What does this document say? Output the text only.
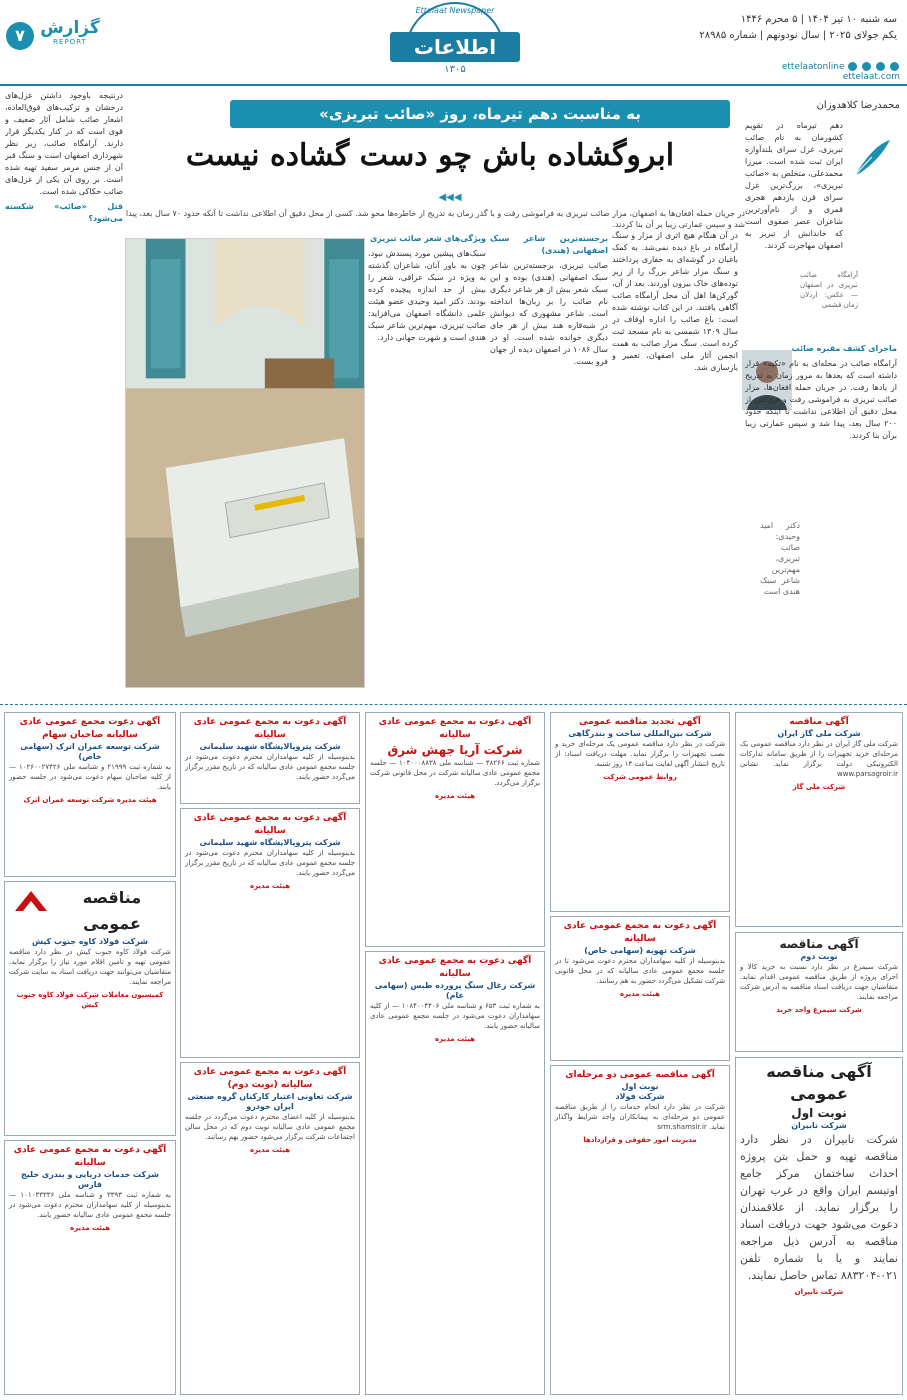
۷ گزارش
REPORT
Ettelaat Newspaper
اطلاعات
۱۳۰۵
سه شنبه ۱۰ تیر ۱۴۰۴ | ۵ محرم ۱۴۴۶
یکم جولای ۲۰۲۵ | سال نودونهم | شماره ۲۸۹۸۵
ettelaatonline  ettelaat.com
محمدرضا کلاهدوزان
به مناسبت دهم تیرماه، روز «صائب تبریزی»
ابروگشاده باش چو دست گشاده نیست
◀◀◀
در جریان حمله افغان‌ها به اصفهان، مزار صائب تبریزی به فراموشی رفت و با گذر زمان به تدریج از خاطره‌ها محو شد. کسی از محل دقیق آن اطلاعی نداشت تا آنکه حدود ۷۰ سال بعد، پیدا شد و سپس عمارتی زیبا بر آن بنا کردند.
دهم تیرماه در تقویم کشورمان به نام صائب تبریزی، غزل سرای بلندآوازه ایران ثبت شده است. میرزا محمدعلی، متخلص به «صائب تبریزی»، بزرگ‌ترین غزل سرای قرن یازدهم هجری قمری و از نام‌آورترین شاعران عصر صفوی است که خاندانش از تبریز به اصفهان مهاجرت کردند.
آرامگاه صائب تبریزی در اصفهان — عکس: اردلان زمان قشمی
ماجرای کشف مقبره صائب
آرامگاه صائب در محله‌ای به نام «تکیه» قرار داشته است که بعدها به مرور زمان به تدریج از یادها رفت. در جریان حمله افغان‌ها، مزار صائب تبریزی به فراموشی رفت و هیچ‌کس از محل دقیق آن اطلاعی نداشت تا اینکه حدود ۲۰۰ سال بعد، پیدا شد و سپس عمارتی زیبا برآن بنا کردند.
در آن هنگام هیچ اثری از مزار و سنگ آرامگاه در باغ دیده نمی‌شد. به کمک باغبان در گوشه‌ای به حفاری پرداختند و سنگ مزار شاعر بزرگ را از زیر توده‌های خاک بیرون آوردند. بعد از آن، گورکن‌ها اهل آن محل آرامگاه صائب آگاهی یافتند. در این کتاب نوشته شده است: باغ صائب را اداره اوقاف در سال ۱۳۰۹ شمسی به نام مسجد ثبت کرده است. سنگ مزار صائب به همت انجمن آثار ملی اصفهان، تعمیر و بازسازی شد.
برجسته‌ترین شاعر سبک اصفهانی (هندی)
صائب تبریزی، برجسته‌ترین شاعر سبک اصفهانی (هندی) بوده و این سبک شعر بیش از هر شاعر دیگری نام صائب را بر زبان‌ها انداخته است. شاعر مشهوری که دیوانش در شبه‌قاره هند بیش از هر جای دیگری خوانده شده است. او در سال ۱۰۸۶ در اصفهان دیده از جهان فرو بست.
ویژگی‌های شعر صائب تبریزی
سبک‌های پیشین مورد پسندش نبود، چون به باور آنان، شاعران گذشته به ویژه در سبک عراقی، شعر را بیش از حد اندازه پیچیده کرده بودند. دکتر امید وحیدی عضو هیئت علمی دانشگاه اصفهان می‌افزاید: صائب تبریزی، مهم‌ترین شاعر سبک هندی است و شهرت جهانی دارد.
درنتیجه باوجود داشتن غزل‌های درخشان و ترکیب‌های فوق‌العاده، اشعار صائب شامل آثار ضعیف و قوی است که در کنار یکدیگر قرار دارند. آرامگاه صائب، زیر نظر شهرداری اصفهان است و سنگ قبر آن از جنس مرمر سفید تهیه شده است. بر روی آن یکی از غزل‌های صائب حکاکی شده است.
قتل «صائب» شکسته می‌شود؟
دکتر امید وحیدی: صائب تبریزی، مهم‌ترین شاعر سبک هندی است
آگهی مناقصه
شرکت ملی گاز ایران
شرکت ملی گاز ایران در نظر دارد مناقصه عمومی یک مرحله‌ای خرید تجهیزات را از طریق سامانه تدارکات الکترونیکی دولت برگزار نماید. نشانی www.parsagroir.ir
شرکت ملی گاز
آگهی مناقصه
نوبت دوم
شرکت سیمرغ در نظر دارد نسبت به خرید کالا و اجرای پروژه از طریق مناقصه عمومی اقدام نماید. متقاضیان جهت دریافت اسناد مناقصه به آدرس شرکت مراجعه نمایند.
شرکت سیمرغ‌ واحد خرید
آگهی مناقصه عمومی
نوبت اول
شرکت تابیران
شرکت تابیران در نظر دارد مناقصه تهیه و حمل بتن پروژه احداث ساختمان مرکز جامع اوتیسم ایران واقع در غرب تهران را برگزار نماید. از علاقمندان دعوت می‌شود جهت دریافت اسناد مناقصه به آدرس ذیل مراجعه نمایند و یا با شماره تلفن ۰۲۱-۸۸۳۲۰۴ تماس حاصل نمایند.
شرکت تابیران
آگهی تجدید مناقصه عمومی
شرکت بین‌المللی ساخت و بندرگاهی
شرکت در نظر دارد مناقصه عمومی یک مرحله‌ای خرید و نصب تجهیزات را برگزار نماید. مهلت دریافت اسناد: از تاریخ انتشار آگهی لغایت ساعت ۱۴ روز شنبه.
روابط عمومی شرکت
آگهی دعوت به مجمع عمومی عادی سالیانه
شرکت تهویه (سهامی خاص)
بدینوسیله از کلیه سهامداران محترم دعوت می‌شود تا در جلسه مجمع عمومی عادی سالیانه که در محل قانونی شرکت تشکیل می‌گردد حضور به هم رسانند.
هیئت مدیره
آگهی مناقصه عمومی دو مرحله‌ای
نوبت اول
شرکت فولاد
شرکت در نظر دارد انجام خدمات را از طریق مناقصه عمومی دو مرحله‌ای به پیمانکاران واجد شرایط واگذار نماید. srm.shamsir.ir
مدیریت امور حقوقی و قراردادها
آگهی دعوت به مجمع عمومی عادی سالیانه
شرکت آریا جهش شرق
شماره ثبت ۴۸۲۶۶ — شناسه ملی ۱۰۴۰۰۰۸۸۳۸ — جلسه مجمع عمومی عادی سالیانه شرکت در محل قانونی شرکت برگزار می‌گردد.
هیئت مدیره
آگهی دعوت به مجمع عمومی عادی سالیانه
شرکت زغال سنگ پرورده طبس (سهامی عام)
به شماره ثبت ۶۵۳ و شناسه ملی ۱۰۸۴۰۰۴۴۰۶ — از کلیه سهامداران دعوت می‌شود در جلسه مجمع عمومی عادی سالیانه حضور یابند.
هیئت مدیره
آگهی دعوت به مجمع عمومی عادی سالیانه
شرکت پتروپالایشگاه شهید سلیمانی
بدینوسیله از کلیه سهامداران محترم دعوت می‌شود در جلسه مجمع عمومی عادی سالیانه که در تاریخ مقرر برگزار می‌گردد حضور یابند.
آگهی دعوت به مجمع عمومی عادی سالیانه
شرکت پتروپالایشگاه شهید سلیمانی
بدینوسیله از کلیه سهامداران محترم دعوت می‌شود در جلسه مجمع عمومی عادی سالیانه که در تاریخ مقرر برگزار می‌گردد حضور یابند.
هیئت مدیره
آگهی دعوت به مجمع عمومی عادی سالیانه (نوبت دوم)
شرکت تعاونی اعتبار کارکنان گروه صنعتی ایران خودرو
بدینوسیله از کلیه اعضای محترم دعوت می‌گردد در جلسه مجمع عمومی عادی سالیانه نوبت دوم که در محل سالن اجتماعات شرکت برگزار می‌شود حضور بهم رسانند.
هیئت مدیره
آگهی دعوت مجمع عمومی عادی سالیانه صاحبان سهام
شرکت توسعه عمران اترک (سهامی خاص)
به شماره ثبت ۲۱۹۹۹ و شناسه ملی ۱۰۲۶۰۰۲۷۴۲۶ — از کلیه صاحبان سهام دعوت می‌شود در جلسه حضور یابند.
هیئت مدیره شرکت توسعه عمران اترک
مناقصه عمومی
شرکت فولاد کاوه جنوب کیش
شرکت فولاد کاوه جنوب کیش در نظر دارد مناقصه عمومی تهیه و تامین اقلام مورد نیاز را برگزار نماید. متقاضیان می‌توانند جهت دریافت اسناد به سایت شرکت مراجعه نمایند.
کمیسیون معاملات شرکت فولاد کاوه جنوب کیش
آگهی دعوت به مجمع عمومی عادی سالیانه
شرکت خدمات دریایی و بندری خلیج فارس
به شماره ثبت ۳۳۹۳ و شناسه ملی ۱۰۱۰۳۳۳۳۶ — بدینوسیله از کلیه سهامداران محترم دعوت می‌شود در جلسه مجمع عمومی عادی سالیانه حضور یابند.
هیئت مدیره
